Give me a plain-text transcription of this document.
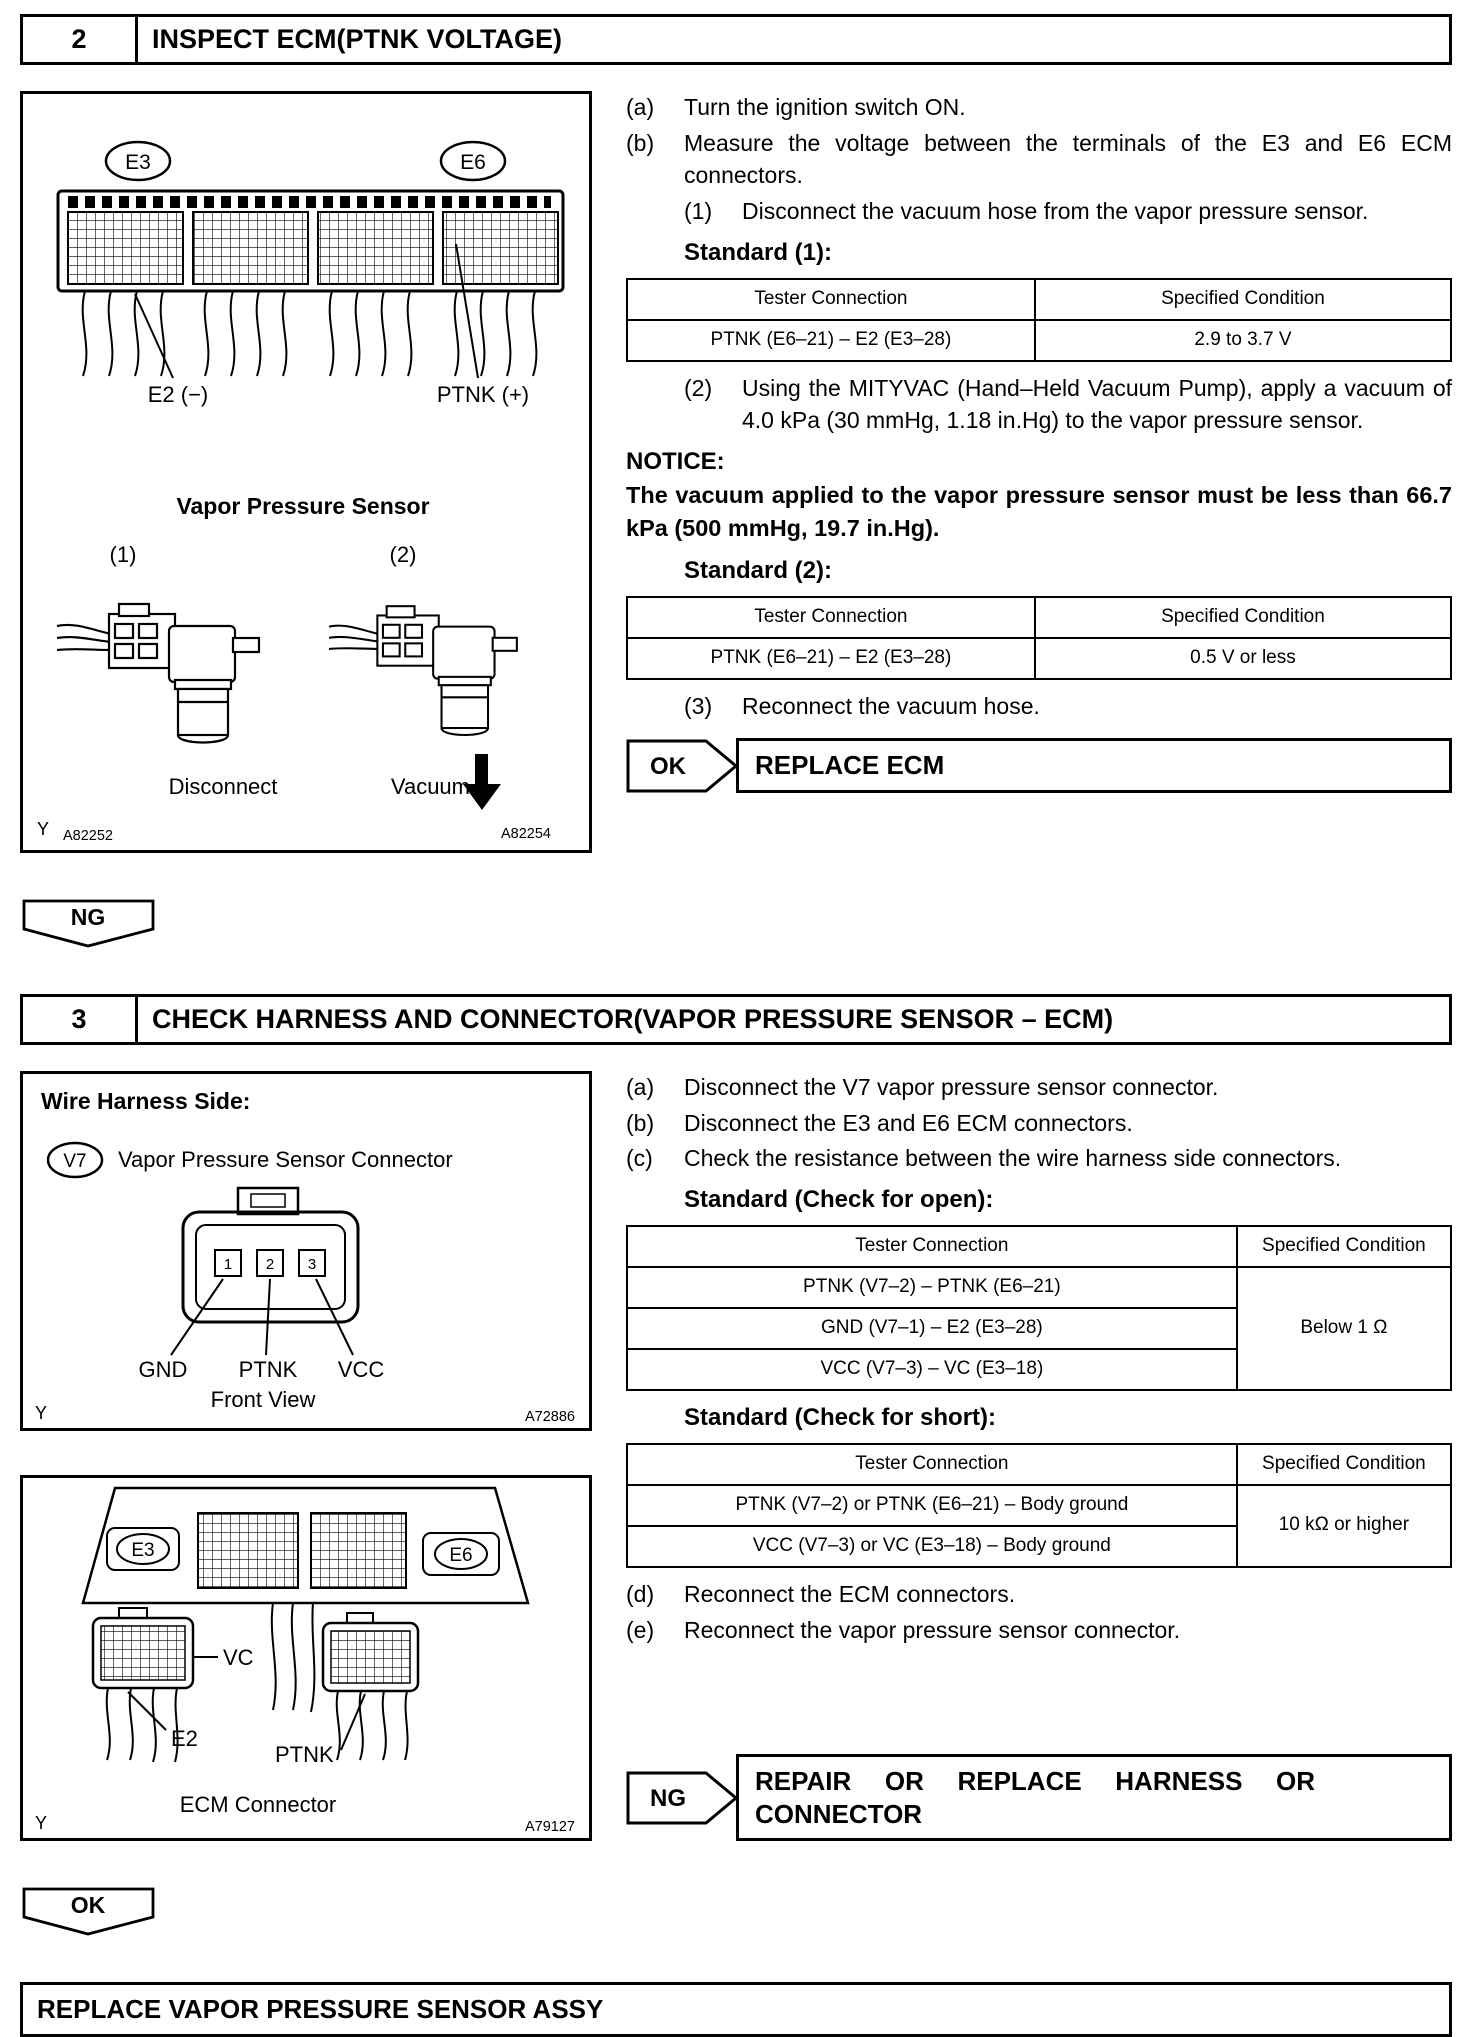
2	INSPECT ECM(PTNK VOLTAGE)
E3	E6
E2 (−)	PTNK (+)
Vapor Pressure Sensor
(1)	(2)
Disconnect	Vacuum
Y A82252	A82254
(a)	Turn the ignition switch ON.
(b)	Measure the voltage between the terminals of the E3 and E6 ECM connectors.
(1)	Disconnect the vacuum hose from the vapor pressure sensor.
Standard (1):
Tester Connection	Specified Condition
PTNK (E6–21) – E2 (E3–28)	2.9 to 3.7 V
(2)	Using the MITYVAC (Hand–Held Vacuum Pump), apply a vacuum of 4.0 kPa (30 mmHg, 1.18 in.Hg) to the vapor pressure sensor.
NOTICE:
The vacuum applied to the vapor pressure sensor must be less than 66.7 kPa (500 mmHg, 19.7 in.Hg).
Standard (2):
Tester Connection	Specified Condition
PTNK (E6–21) – E2 (E3–28)	0.5 V or less
(3)	Reconnect the vacuum hose.
OK	REPLACE ECM
NG
3	CHECK HARNESS AND CONNECTOR(VAPOR PRESSURE SENSOR – ECM)
Wire Harness Side:
V7 Vapor Pressure Sensor Connector
1 2 3
GND PTNK VCC
Front View
Y	A72886
E3	E6
VC
E2
PTNK
ECM Connector
Y	A79127
(a)	Disconnect the V7 vapor pressure sensor connector.
(b)	Disconnect the E3 and E6 ECM connectors.
(c)	Check the resistance between the wire harness side connectors.
Standard (Check for open):
Tester Connection	Specified Condition
PTNK (V7–2) – PTNK (E6–21)	Below 1 Ω
GND (V7–1) – E2 (E3–28)	
VCC (V7–3) – VC (E3–18)	
Standard (Check for short):
Tester Connection	Specified Condition
PTNK (V7–2) or PTNK (E6–21) – Body ground	10 kΩ or higher
VCC (V7–3) or VC (E3–18) – Body ground	
(d)	Reconnect the ECM connectors.
(e)	Reconnect the vapor pressure sensor connector.
NG
REPAIR OR REPLACE HARNESS OR CONNECTOR
OK
REPLACE VAPOR PRESSURE SENSOR ASSY
